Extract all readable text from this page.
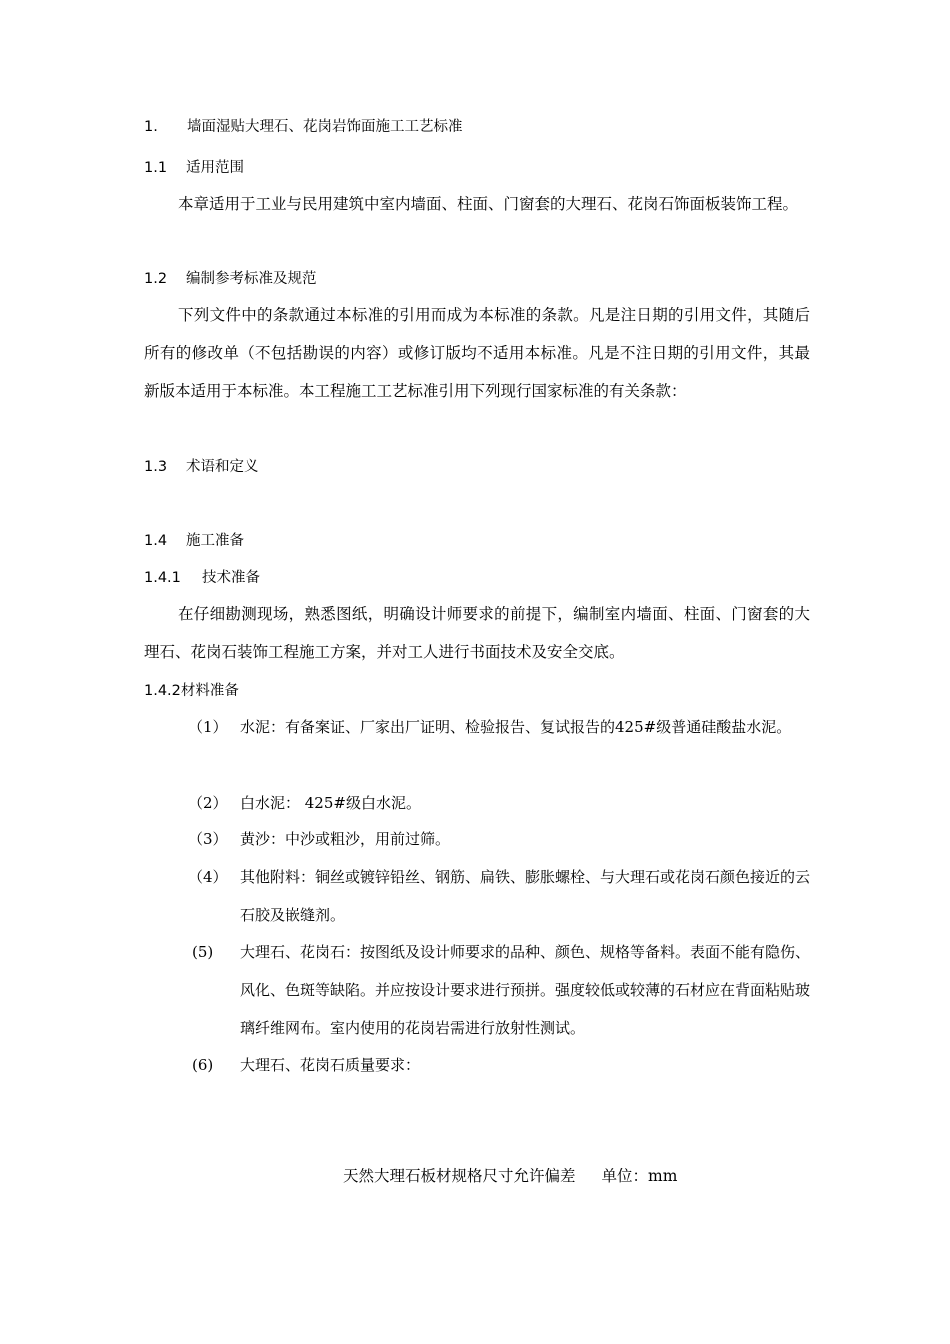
1. 墙面湿贴大理石、花岗岩饰面施工工艺标准
1.1 适用范围
本章适用于工业与民用建筑中室内墙面、柱面、门窗套的大理石、花岗石饰面板装饰工程。
1.2 编制参考标准及规范
下列文件中的条款通过本标准的引用而成为本标准的条款。凡是注日期的引用文件，其随后所有的修改单（不包括勘误的内容）或修订版均不适用本标准。凡是不注日期的引用文件，其最新版本适用于本标准。本工程施工工艺标准引用下列现行国家标准的有关条款：
1.3 术语和定义
1.4 施工准备
1.4.1 技术准备
在仔细勘测现场，熟悉图纸，明确设计师要求的前提下，编制室内墙面、柱面、门窗套的大理石、花岗石装饰工程施工方案，并对工人进行书面技术及安全交底。
1.4.2材料准备
（1） 水泥：有备案证、厂家出厂证明、检验报告、复试报告的425#级普通硅酸盐水泥。
（2） 白水泥： 425#级白水泥。
（3） 黄沙：中沙或粗沙，用前过筛。
（4） 其他附料：铜丝或镀锌铅丝、钢筋、扁铁、膨胀螺栓、与大理石或花岗石颜色接近的云石胶及嵌缝剂。
(5) 大理石、花岗石：按图纸及设计师要求的品种、颜色、规格等备料。表面不能有隐伤、风化、色斑等缺陷。并应按设计要求进行预拼。强度较低或较薄的石材应在背面粘贴玻璃纤维网布。室内使用的花岗岩需进行放射性测试。
(6) 大理石、花岗石质量要求：
天然大理石板材规格尺寸允许偏差 单位：mm
